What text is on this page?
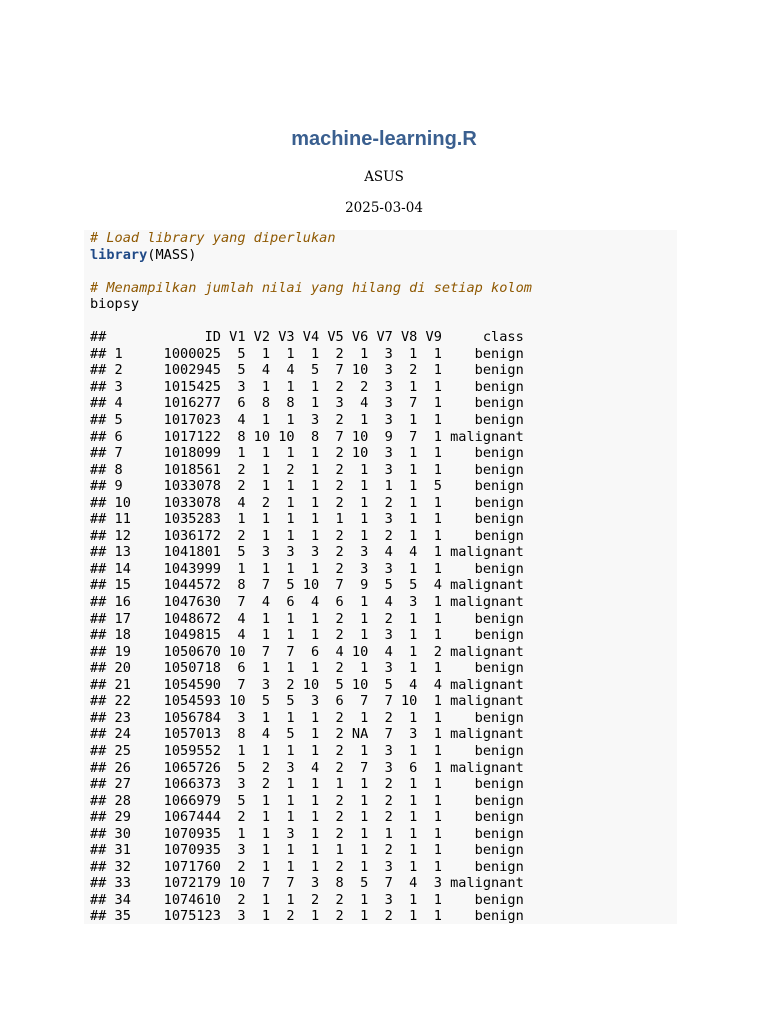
machine-learning.R
ASUS
2025-03-04
# Load library yang diperlukan
library(MASS)
# Menampilkan jumlah nilai yang hilang di setiap kolom
biopsy
##            ID V1 V2 V3 V4 V5 V6 V7 V8 V9     class
## 1     1000025  5  1  1  1  2  1  3  1  1    benign
## 2     1002945  5  4  4  5  7 10  3  2  1    benign
## 3     1015425  3  1  1  1  2  2  3  1  1    benign
## 4     1016277  6  8  8  1  3  4  3  7  1    benign
## 5     1017023  4  1  1  3  2  1  3  1  1    benign
## 6     1017122  8 10 10  8  7 10  9  7  1 malignant
## 7     1018099  1  1  1  1  2 10  3  1  1    benign
## 8     1018561  2  1  2  1  2  1  3  1  1    benign
## 9     1033078  2  1  1  1  2  1  1  1  5    benign
## 10    1033078  4  2  1  1  2  1  2  1  1    benign
## 11    1035283  1  1  1  1  1  1  3  1  1    benign
## 12    1036172  2  1  1  1  2  1  2  1  1    benign
## 13    1041801  5  3  3  3  2  3  4  4  1 malignant
## 14    1043999  1  1  1  1  2  3  3  1  1    benign
## 15    1044572  8  7  5 10  7  9  5  5  4 malignant
## 16    1047630  7  4  6  4  6  1  4  3  1 malignant
## 17    1048672  4  1  1  1  2  1  2  1  1    benign
## 18    1049815  4  1  1  1  2  1  3  1  1    benign
## 19    1050670 10  7  7  6  4 10  4  1  2 malignant
## 20    1050718  6  1  1  1  2  1  3  1  1    benign
## 21    1054590  7  3  2 10  5 10  5  4  4 malignant
## 22    1054593 10  5  5  3  6  7  7 10  1 malignant
## 23    1056784  3  1  1  1  2  1  2  1  1    benign
## 24    1057013  8  4  5  1  2 NA  7  3  1 malignant
## 25    1059552  1  1  1  1  2  1  3  1  1    benign
## 26    1065726  5  2  3  4  2  7  3  6  1 malignant
## 27    1066373  3  2  1  1  1  1  2  1  1    benign
## 28    1066979  5  1  1  1  2  1  2  1  1    benign
## 29    1067444  2  1  1  1  2  1  2  1  1    benign
## 30    1070935  1  1  3  1  2  1  1  1  1    benign
## 31    1070935  3  1  1  1  1  1  2  1  1    benign
## 32    1071760  2  1  1  1  2  1  3  1  1    benign
## 33    1072179 10  7  7  3  8  5  7  4  3 malignant
## 34    1074610  2  1  1  2  2  1  3  1  1    benign
## 35    1075123  3  1  2  1  2  1  2  1  1    benign
